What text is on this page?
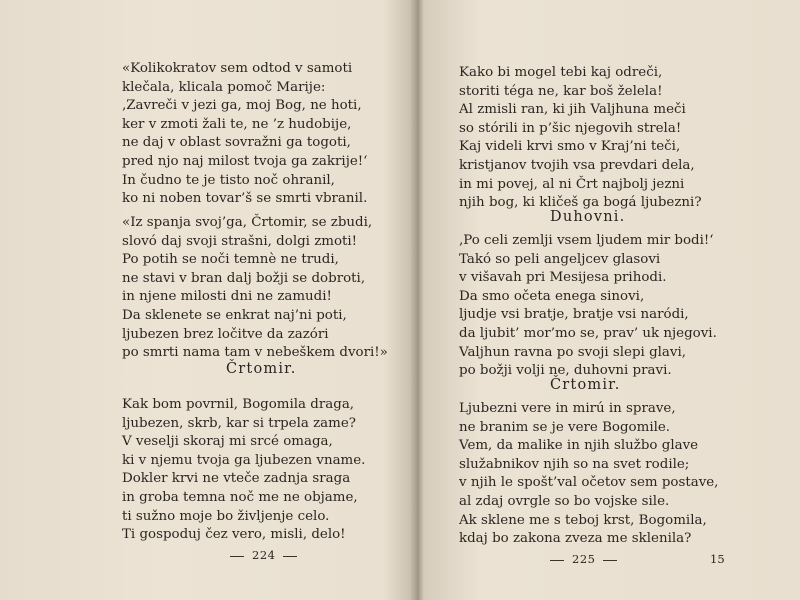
«Kolikokratov sem odtod v samoti
klečala, klicala pomoč Marije:
‚Zavreči v jezi ga, moj Bog, ne hoti,
ker v zmoti žali te, ne ’z hudobije,
ne daj v oblast sovražni ga togoti,
pred njo naj milost tvoja ga zakrije!‘
In čudno te je tisto noč ohranil,
ko ni noben tovar’š se smrti vbranil.
«Iz spanja svoj’ga, Črtomir, se zbudi,
slovó daj svoji strašni, dolgi zmoti!
Po potih se noči temnè ne trudi,
ne stavi v bran dalj božji se dobroti,
in njene milosti dni ne zamudi!
Da sklenete se enkrat naj’ni poti,
ljubezen brez ločitve da zazóri
po smrti nama tam v nebeškem dvori!»
Črtomir.
Kak bom povrnil, Bogomila draga,
ljubezen, skrb, kar si trpela zame?
V veselji skoraj mi srcé omaga,
ki v njemu tvoja ga ljubezen vname.
Dokler krvi ne vteče zadnja sraga
in groba temna noč me ne objame,
ti sužno moje bo življenje celo.
Ti gospoduj čez vero, misli, delo!
224
Kako bi mogel tebi kaj odreči,
storiti téga ne, kar boš želela!
Al zmisli ran, ki jih Valjhuna meči
so stórili in p’šic njegovih strela!
Kaj videli krvi smo v Kraj’ni teči,
kristjanov tvojih vsa prevdari dela,
in mi povej, al ni Črt najbolj jezni
njih bog, ki kličeš ga bogá ljubezni?
Duhovni.
‚Po celi zemlji vsem ljudem mir bodi!‘
Takó so peli angeljcev glasovi
v višavah pri Mesijesa prihodi.
Da smo očeta enega sinovi,
ljudje vsi bratje, bratje vsi naródi,
da ljubit’ mor’mo se, prav’ uk njegovi.
Valjhun ravna po svoji slepi glavi,
po božji volji ne, duhovni pravi.
Črtomir.
Ljubezni vere in mirú in sprave,
ne branim se je vere Bogomile.
Vem, da malike in njih službo glave
služabnikov njih so na svet rodile;
v njih le spošt’val očetov sem postave,
al zdaj ovrgle so bo vojske sile.
Ak sklene me s teboj krst, Bogomila,
kdaj bo zakona zveza me sklenila?
225	15
